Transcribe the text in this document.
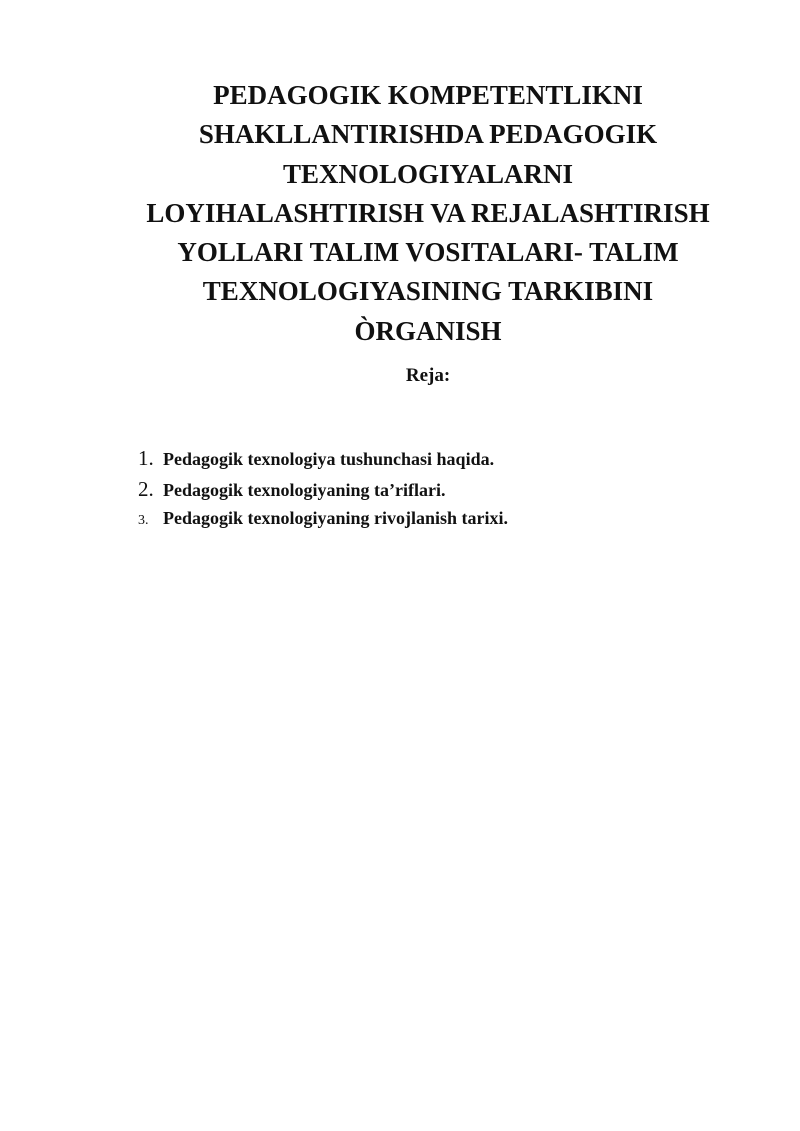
PEDAGOGIK KOMPETENTLIKNI
SHAKLLANTIRISHDA PEDAGOGIK
TEXNOLOGIYALARNI
LOYIHALASHTIRISH VA REJALASHTIRISH
YOLLARI TALIM VOSITALARI- TALIM
TEXNOLOGIYASINING TARKIBINI
ÒRGANISH

Reja:

1. Pedagogik texnologiya tushunchasi haqida.
2. Pedagogik texnologiyaning ta’riflari.
3. Pedagogik texnologiyaning rivojlanish tarixi.
